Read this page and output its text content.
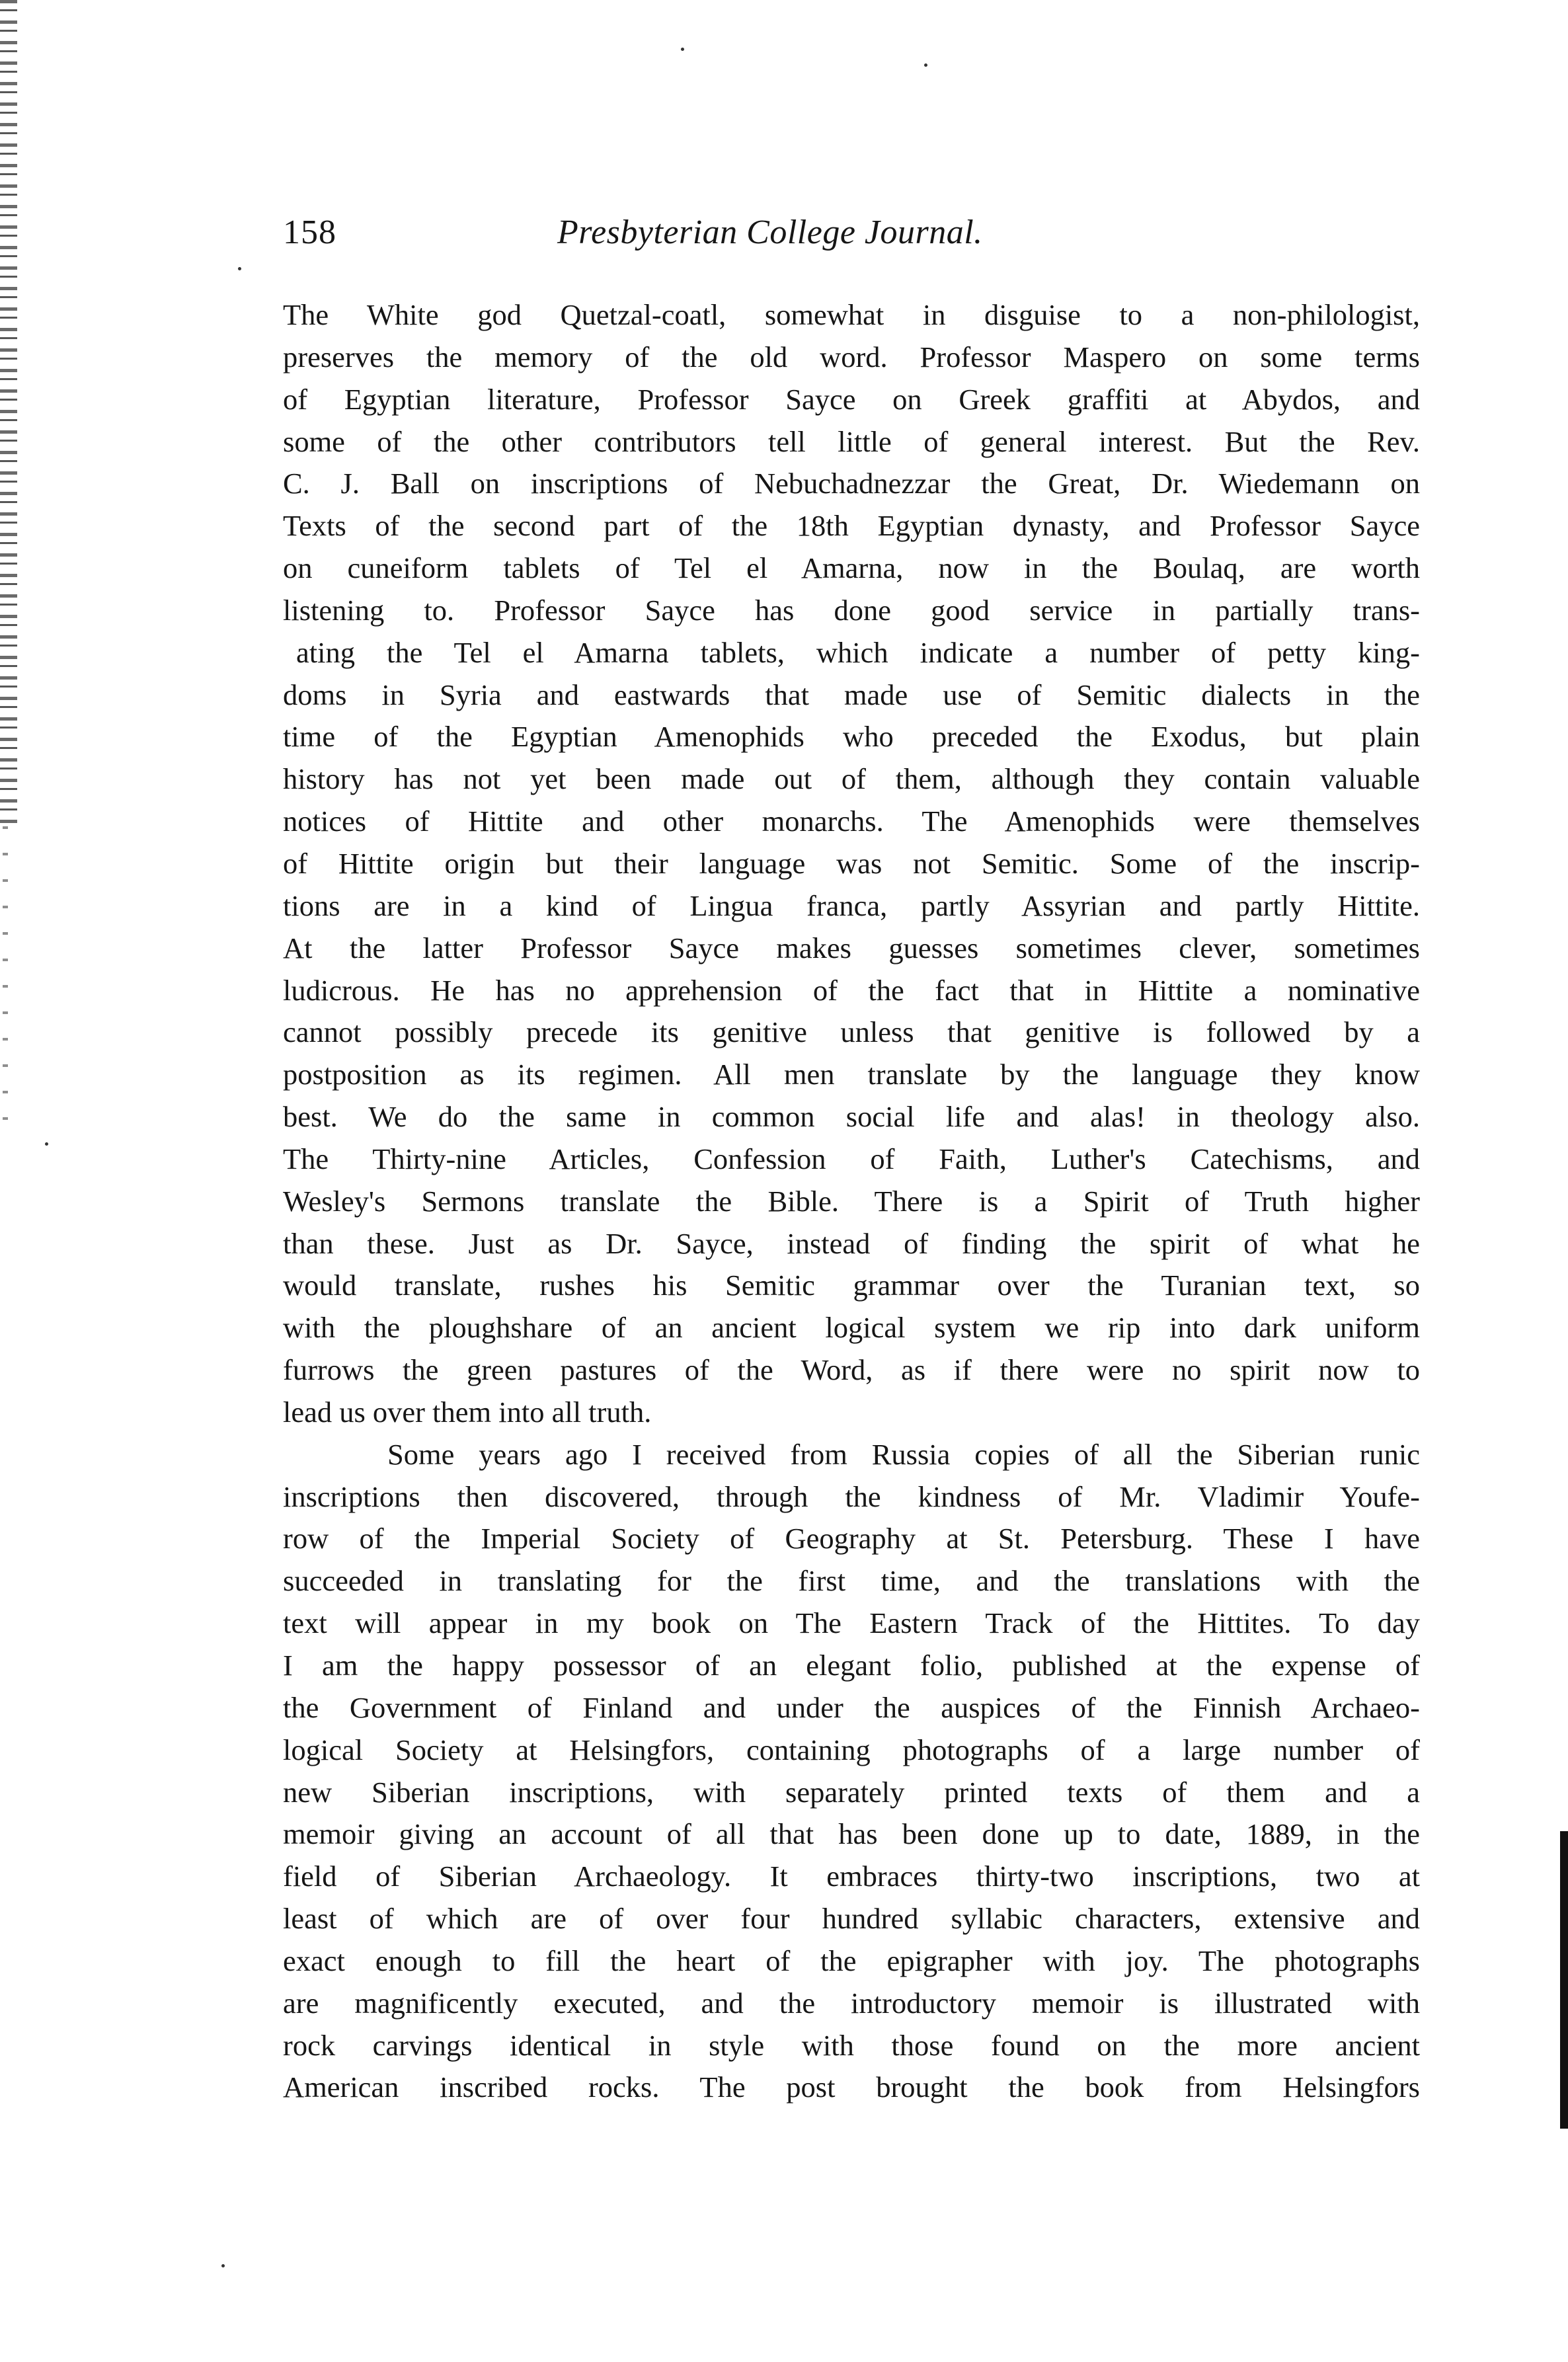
158	Presbyterian College Journal.
The White god Quetzal-coatl, somewhat in disguise to a non-philologist,
preserves the memory of the old word. Professor Maspero on some terms
of Egyptian literature, Professor Sayce on Greek graffiti at Abydos, and
some of the other contributors tell little of general interest. But the Rev.
C. J. Ball on inscriptions of Nebuchadnezzar the Great, Dr. Wiedemann on
Texts of the second part of the 18th Egyptian dynasty, and Professor Sayce
on cuneiform tablets of Tel el Amarna, now in the Boulaq, are worth
listening to. Professor Sayce has done good service in partially trans-
ating the Tel el Amarna tablets, which indicate a number of petty king-
doms in Syria and eastwards that made use of Semitic dialects in the
time of the Egyptian Amenophids who preceded the Exodus, but plain
history has not yet been made out of them, although they contain valuable
notices of Hittite and other monarchs. The Amenophids were themselves
of Hittite origin but their language was not Semitic. Some of the inscrip-
tions are in a kind of Lingua franca, partly Assyrian and partly Hittite.
At the latter Professor Sayce makes guesses sometimes clever, sometimes
ludicrous. He has no apprehension of the fact that in Hittite a nominative
cannot possibly precede its genitive unless that genitive is followed by a
postposition as its regimen. All men translate by the language they know
best. We do the same in common social life and alas! in theology also.
The Thirty-nine Articles, Confession of Faith, Luther's Catechisms, and
Wesley's Sermons translate the Bible. There is a Spirit of Truth higher
than these. Just as Dr. Sayce, instead of finding the spirit of what he
would translate, rushes his Semitic grammar over the Turanian text, so
with the ploughshare of an ancient logical system we rip into dark uniform
furrows the green pastures of the Word, as if there were no spirit now to
lead us over them into all truth.
Some years ago I received from Russia copies of all the Siberian runic
inscriptions then discovered, through the kindness of Mr. Vladimir Youfe-
row of the Imperial Society of Geography at St. Petersburg. These I have
succeeded in translating for the first time, and the translations with the
text will appear in my book on The Eastern Track of the Hittites. To day
I am the happy possessor of an elegant folio, published at the expense of
the Government of Finland and under the auspices of the Finnish Archaeo-
logical Society at Helsingfors, containing photographs of a large number of
new Siberian inscriptions, with separately printed texts of them and a
memoir giving an account of all that has been done up to date, 1889, in the
field of Siberian Archaeology. It embraces thirty-two inscriptions, two at
least of which are of over four hundred syllabic characters, extensive and
exact enough to fill the heart of the epigrapher with joy. The photographs
are magnificently executed, and the introductory memoir is illustrated with
rock carvings identical in style with those found on the more ancient
American inscribed rocks. The post brought the book from Helsingfors
